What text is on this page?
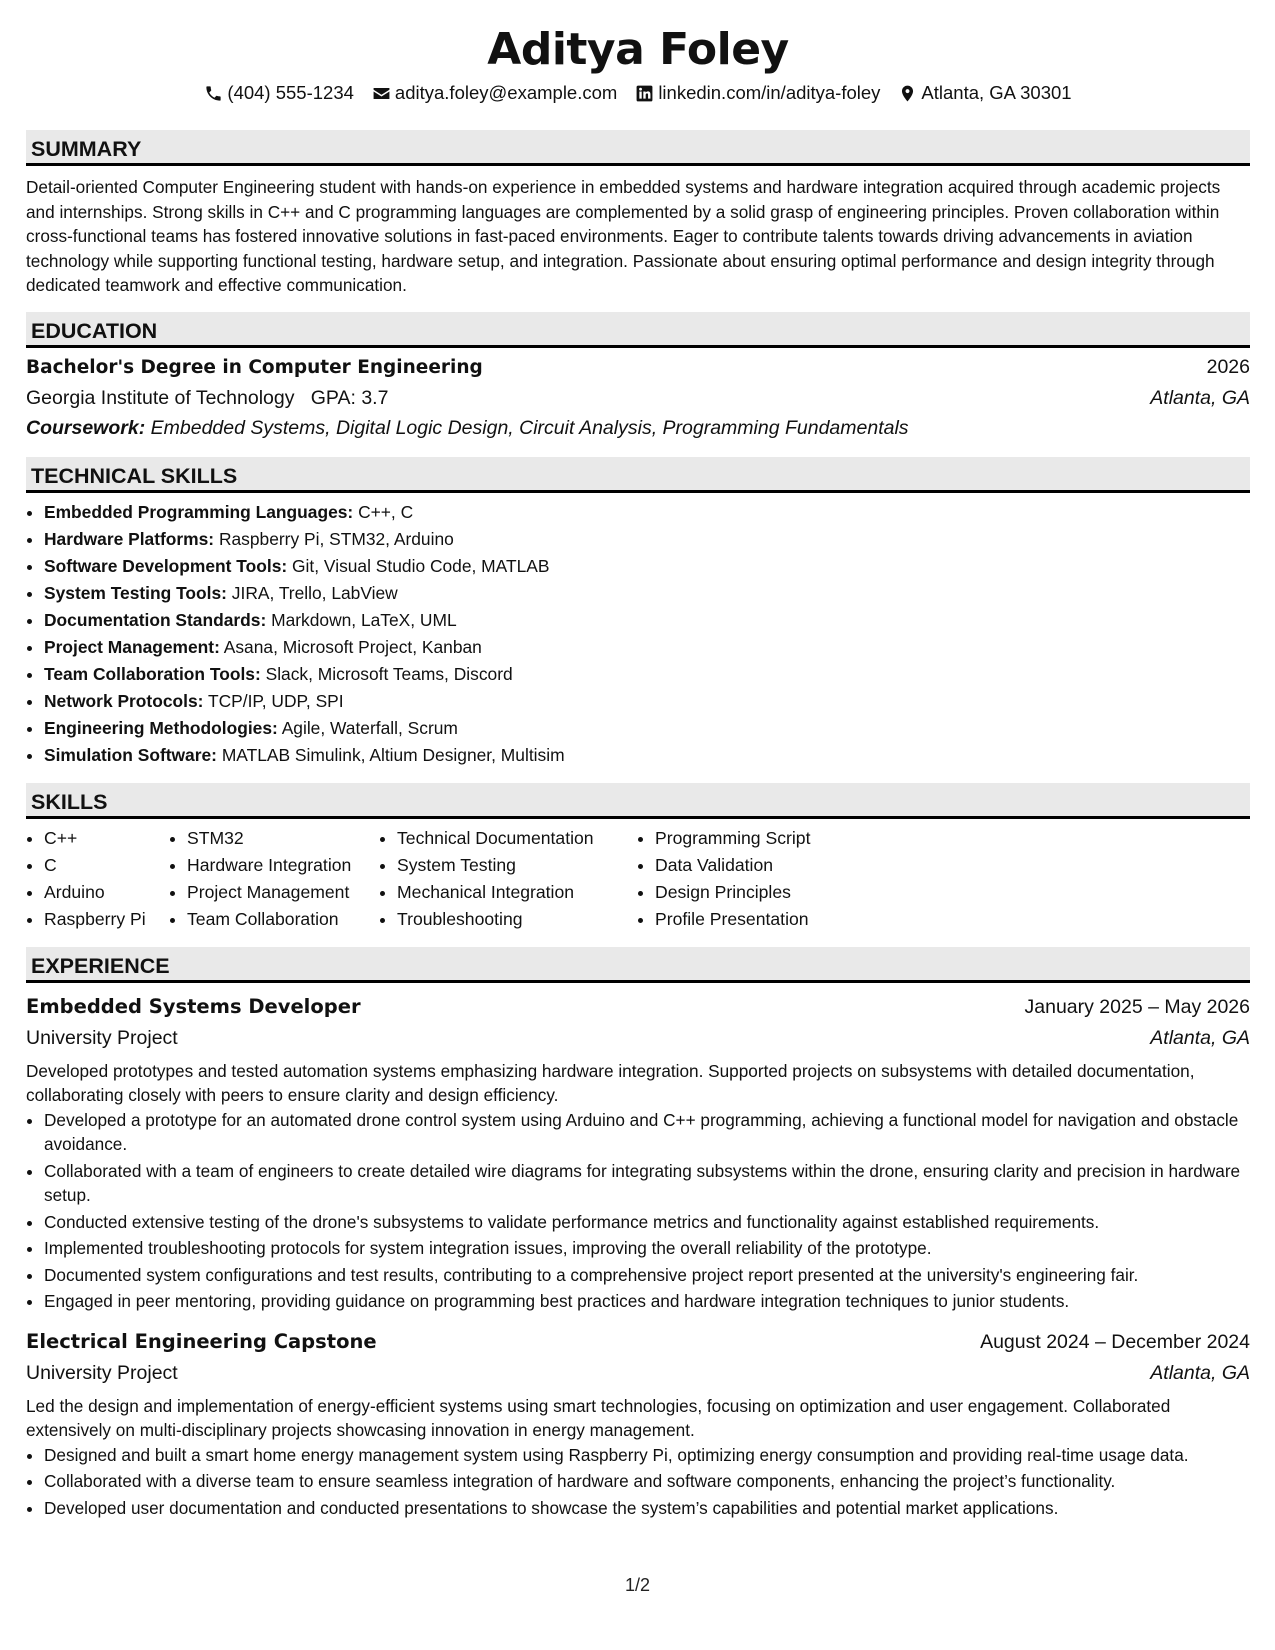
Aditya Foley
(404) 555-1234 aditya.foley@example.com linkedin.com/in/aditya-foley Atlanta, GA 30301
SUMMARY

Detail-oriented Computer Engineering student with hands-on experience in embedded systems and hardware integration acquired through academic projects and internships. Strong skills in C++ and C programming languages are complemented by a solid grasp of engineering principles. Proven collaboration within cross-functional teams has fostered innovative solutions in fast-paced environments. Eager to contribute talents towards driving advancements in aviation technology while supporting functional testing, hardware setup, and integration. Passionate about ensuring optimal performance and design integrity through dedicated teamwork and effective communication.

EDUCATION
Bachelor's Degree in Computer Engineering	2026
Georgia Institute of Technology GPA: 3.7	Atlanta, GA
Coursework: Embedded Systems, Digital Logic Design, Circuit Analysis, Programming Fundamentals
TECHNICAL SKILLS
• Embedded Programming Languages: C++, C
• Hardware Platforms: Raspberry Pi, STM32, Arduino
• Software Development Tools: Git, Visual Studio Code, MATLAB
• System Testing Tools: JIRA, Trello, LabView
• Documentation Standards: Markdown, LaTeX, UML
• Project Management: Asana, Microsoft Project, Kanban
• Team Collaboration Tools: Slack, Microsoft Teams, Discord
• Network Protocols: TCP/IP, UDP, SPI
• Engineering Methodologies: Agile, Waterfall, Scrum
• Simulation Software: MATLAB Simulink, Altium Designer, Multisim
SKILLS
• C++
• C
• Arduino
• Raspberry Pi
• STM32
• Hardware Integration
• Project Management
• Team Collaboration
• Technical Documentation
• System Testing
• Mechanical Integration
• Troubleshooting
• Programming Script
• Data Validation
• Design Principles
• Profile Presentation
EXPERIENCE
Embedded Systems Developer	January 2025 – May 2026
University Project	Atlanta, GA
Developed prototypes and tested automation systems emphasizing hardware integration. Supported projects on subsystems with detailed documentation, collaborating closely with peers to ensure clarity and design efficiency.
• Developed a prototype for an automated drone control system using Arduino and C++ programming, achieving a functional model for navigation and obstacle avoidance.
• Collaborated with a team of engineers to create detailed wire diagrams for integrating subsystems within the drone, ensuring clarity and precision in hardware setup.
• Conducted extensive testing of the drone's subsystems to validate performance metrics and functionality against established requirements.
• Implemented troubleshooting protocols for system integration issues, improving the overall reliability of the prototype.
• Documented system configurations and test results, contributing to a comprehensive project report presented at the university's engineering fair.
• Engaged in peer mentoring, providing guidance on programming best practices and hardware integration techniques to junior students.
Electrical Engineering Capstone	August 2024 – December 2024
University Project	Atlanta, GA
Led the design and implementation of energy-efficient systems using smart technologies, focusing on optimization and user engagement. Collaborated extensively on multi-disciplinary projects showcasing innovation in energy management.
• Designed and built a smart home energy management system using Raspberry Pi, optimizing energy consumption and providing real-time usage data.
• Collaborated with a diverse team to ensure seamless integration of hardware and software components, enhancing the project’s functionality.
• Developed user documentation and conducted presentations to showcase the system’s capabilities and potential market applications.
1/2
